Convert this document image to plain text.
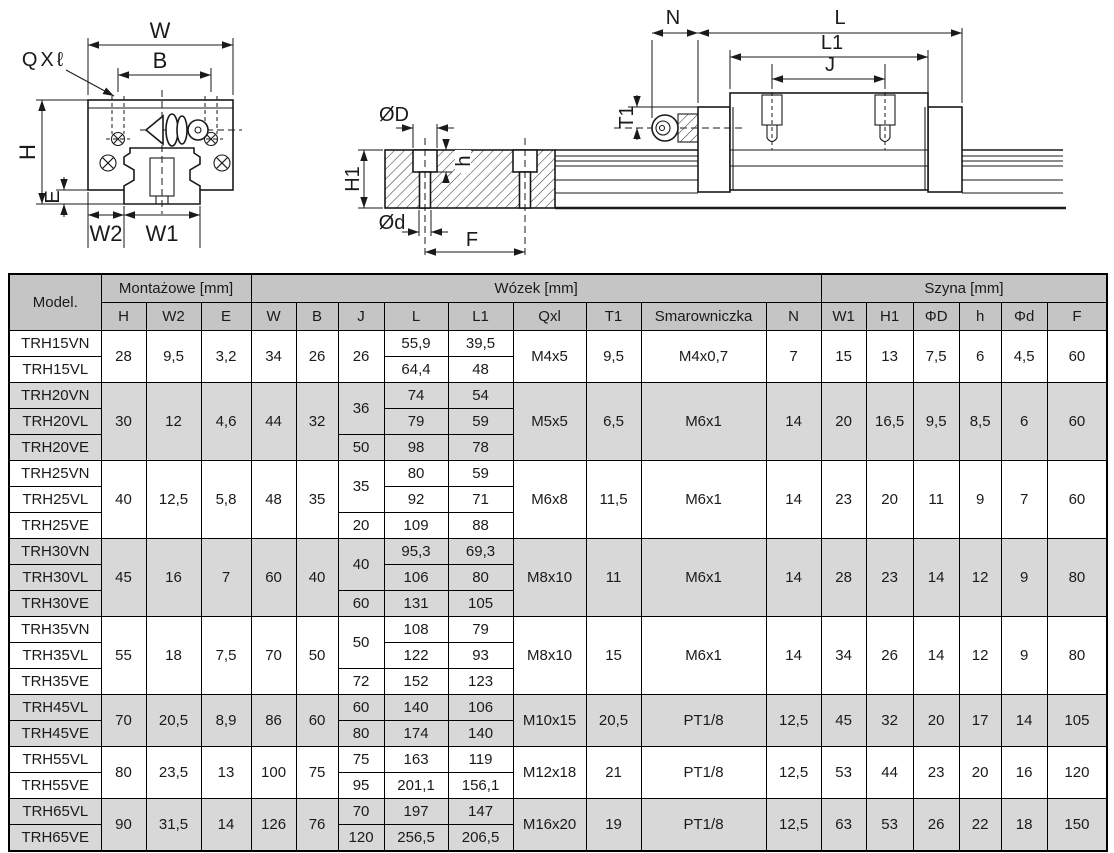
W
B
QXℓ
H
E
W2 W1
ØD
H1
h
Ød
F
T1
N	L
L1
J
Model.	Montażowe [mm]			Wózek [mm]									Szyna [mm]					
	H	W2	E	W	B	J	L	L1	Qxl	T1	Smarowniczka	N	W1	H1	ΦD	h	Φd	F
TRH15VN	28	9,5	3,2	34	26	26	55,9	39,5	M4x5	9,5	M4x0,7	7	15	13	7,5	6	4,5	60
TRH15VL							64,4	48										
TRH20VN	30	12	4,6	44	32	36	74	54	M5x5	6,5	M6x1	14	20	16,5	9,5	8,5	6	60
TRH20VL							79	59										
TRH20VE						50	98	78										
TRH25VN	40	12,5	5,8	48	35	35	80	59	M6x8	11,5	M6x1	14	23	20	11	9	7	60
TRH25VL							92	71										
TRH25VE						20	109	88										
TRH30VN	45	16	7	60	40	40	95,3	69,3	M8x10	11	M6x1	14	28	23	14	12	9	80
TRH30VL							106	80										
TRH30VE						60	131	105										
TRH35VN	55	18	7,5	70	50	50	108	79	M8x10	15	M6x1	14	34	26	14	12	9	80
TRH35VL							122	93										
TRH35VE						72	152	123										
TRH45VL	70	20,5	8,9	86	60	60	140	106	M10x15	20,5	PT1/8	12,5	45	32	20	17	14	105
TRH45VE						80	174	140										
TRH55VL	80	23,5	13	100	75	75	163	119	M12x18	21	PT1/8	12,5	53	44	23	20	16	120
TRH55VE						95	201,1	156,1										
TRH65VL	90	31,5	14	126	76	70	197	147	M16x20	19	PT1/8	12,5	63	53	26	22	18	150
TRH65VE						120	256,5	206,5										
